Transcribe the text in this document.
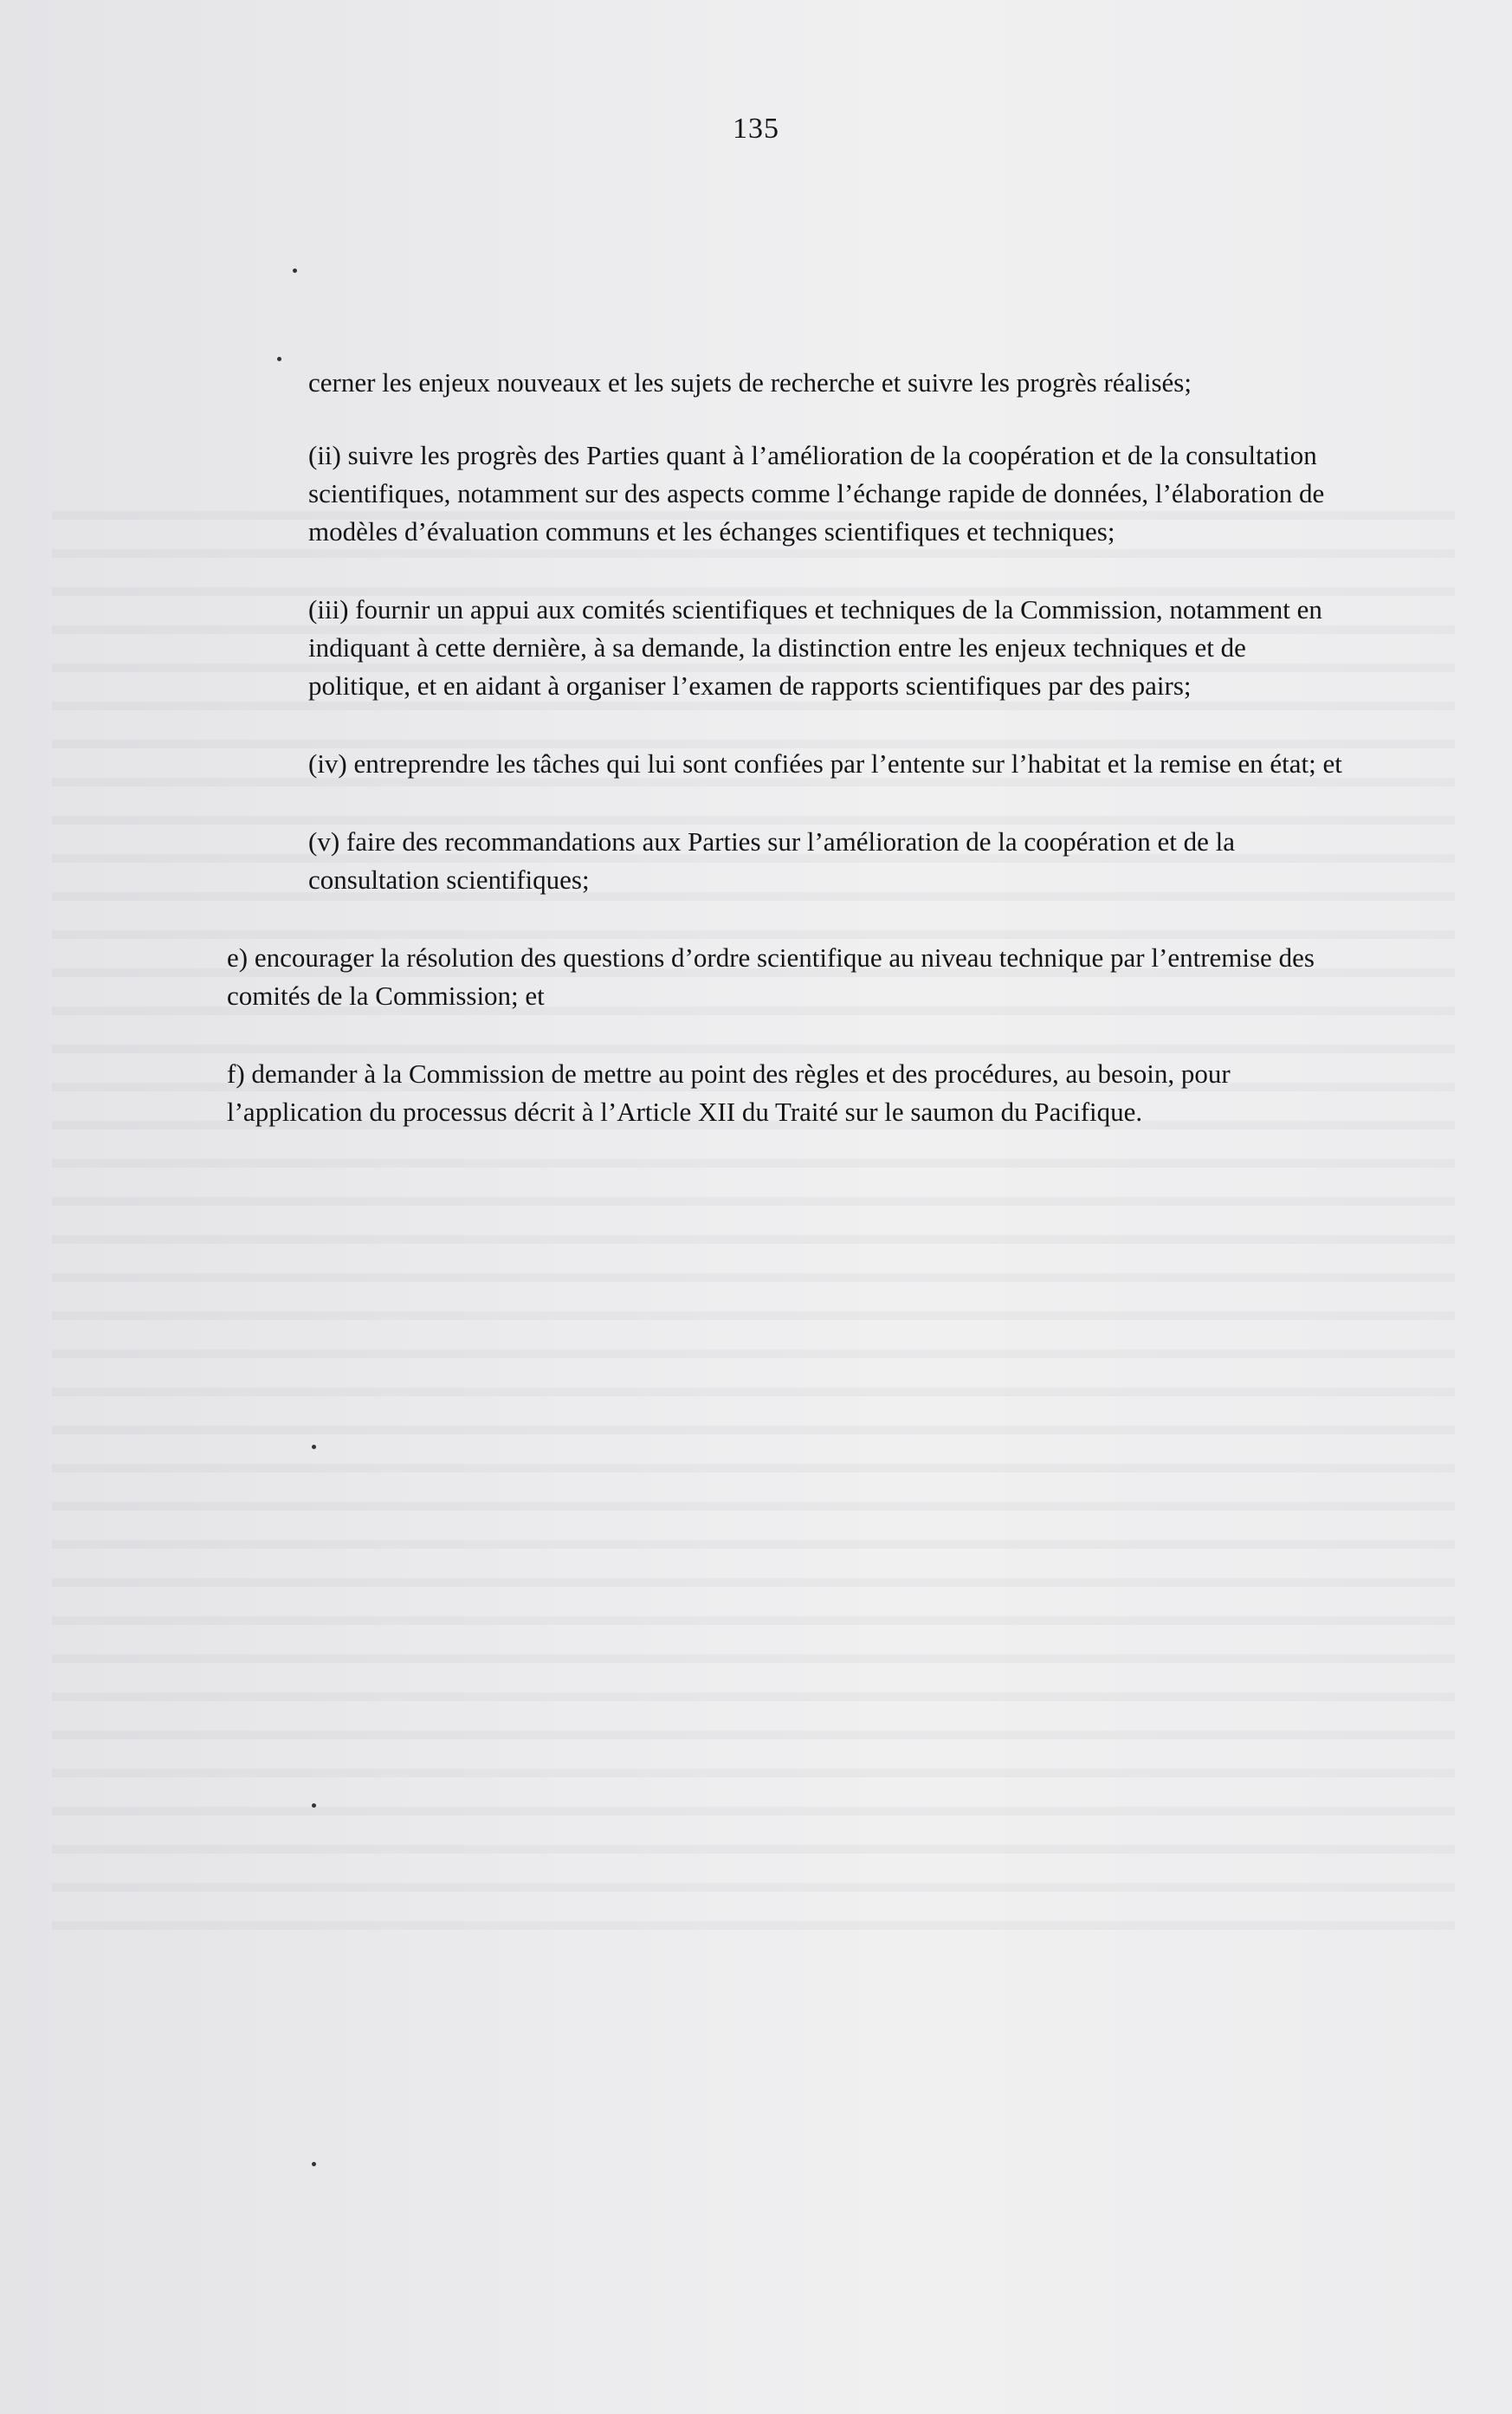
135

cerner les enjeux nouveaux et les sujets de recherche et suivre les progrès réalisés;

(ii) suivre les progrès des Parties quant à l’amélioration de la coopération et de la consultation scientifiques, notamment sur des aspects comme l’échange rapide de données, l’élaboration de modèles d’évaluation communs et les échanges scientifiques et techniques;

(iii) fournir un appui aux comités scientifiques et techniques de la Commission, notamment en indiquant à cette dernière, à sa demande, la distinction entre les enjeux techniques et de politique, et en aidant à organiser l’examen de rapports scientifiques par des pairs;

(iv) entreprendre les tâches qui lui sont confiées par l’entente sur l’habitat et la remise en état; et

(v) faire des recommandations aux Parties sur l’amélioration de la coopération et de la consultation scientifiques;

e) encourager la résolution des questions d’ordre scientifique au niveau technique par l’entremise des comités de la Commission; et

f) demander à la Commission de mettre au point des règles et des procédures, au besoin, pour l’application du processus décrit à l’Article XII du Traité sur le saumon du Pacifique.
